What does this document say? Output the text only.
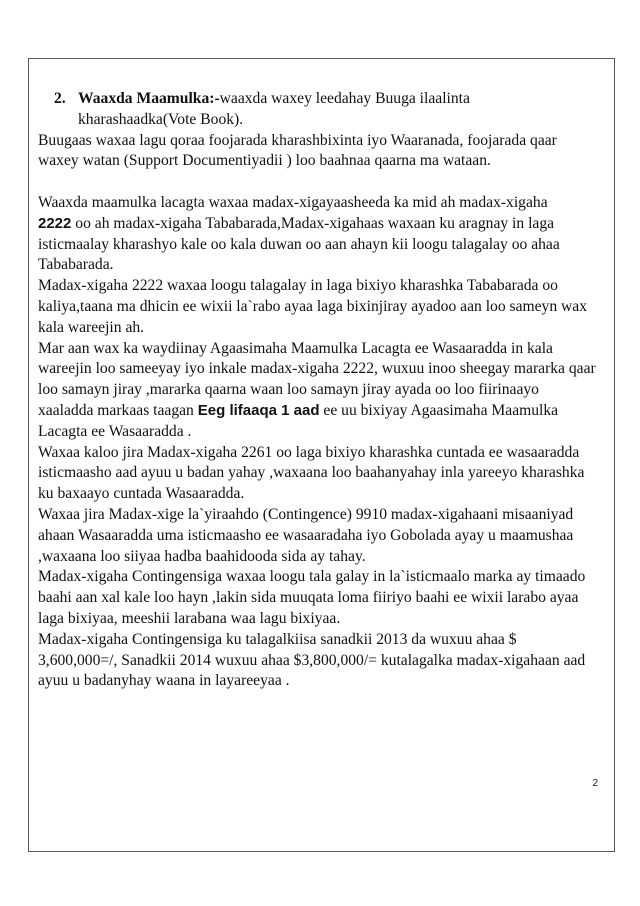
2. Waaxda Maamulka:-waaxda waxey leedahay Buuga ilaalinta kharashaadka(Vote Book).

Buugaas waxaa lagu qoraa foojarada kharashbixinta iyo Waaranada, foojarada qaar waxey watan (Support Documentiyadii ) loo baahnaa qaarna ma wataan.

Waaxda maamulka lacagta waxaa madax-xigayaasheeda ka mid ah madax-xigaha
2222 oo ah madax-xigaha Tababarada,Madax-xigahaas waxaan ku aragnay in laga isticmaalay kharashyo kale oo kala duwan oo aan ahayn kii loogu talagalay oo ahaa Tababarada.

Madax-xigaha 2222 waxaa loogu talagalay in laga bixiyo kharashka Tababarada oo kaliya,taana ma dhicin ee wixii la`rabo ayaa laga bixinjiray ayadoo aan loo sameyn wax kala wareejin ah.

Mar aan wax ka waydiinay Agaasimaha Maamulka Lacagta ee Wasaaradda in kala wareejin loo sameeyay iyo inkale madax-xigaha 2222, wuxuu inoo sheegay mararka qaar loo samayn jiray ,mararka qaarna waan loo samayn jiray ayada oo loo fiirinaayo xaaladda markaas taagan Eeg lifaaqa 1 aad ee uu bixiyay Agaasimaha Maamulka Lacagta ee Wasaaradda .

Waxaa kaloo jira Madax-xigaha 2261 oo laga bixiyo kharashka cuntada ee wasaaradda isticmaasho aad ayuu u badan yahay ,waxaana loo baahanyahay inla yareeyo kharashka ku baxaayo cuntada Wasaaradda.

Waxaa jira Madax-xige la`yiraahdo (Contingence) 9910 madax-xigahaani misaaniyad ahaan Wasaaradda uma isticmaasho ee wasaaradaha iyo Gobolada ayay u maamushaa ,waxaana loo siiyaa hadba baahidooda sida ay tahay.

Madax-xigaha Contingensiga waxaa loogu tala galay in la`isticmaalo marka ay timaado baahi aan xal kale loo hayn ,lakin sida muuqata loma fiiriyo baahi ee wixii larabo ayaa laga bixiyaa, meeshii larabana waa lagu bixiyaa.

Madax-xigaha Contingensiga ku talagalkiisa sanadkii 2013 da wuxuu ahaa $ 3,600,000=/, Sanadkii 2014 wuxuu ahaa $3,800,000/= kutalagalka madax-xigahaan aad ayuu u badanyhay waana in layareeyaa .

2
